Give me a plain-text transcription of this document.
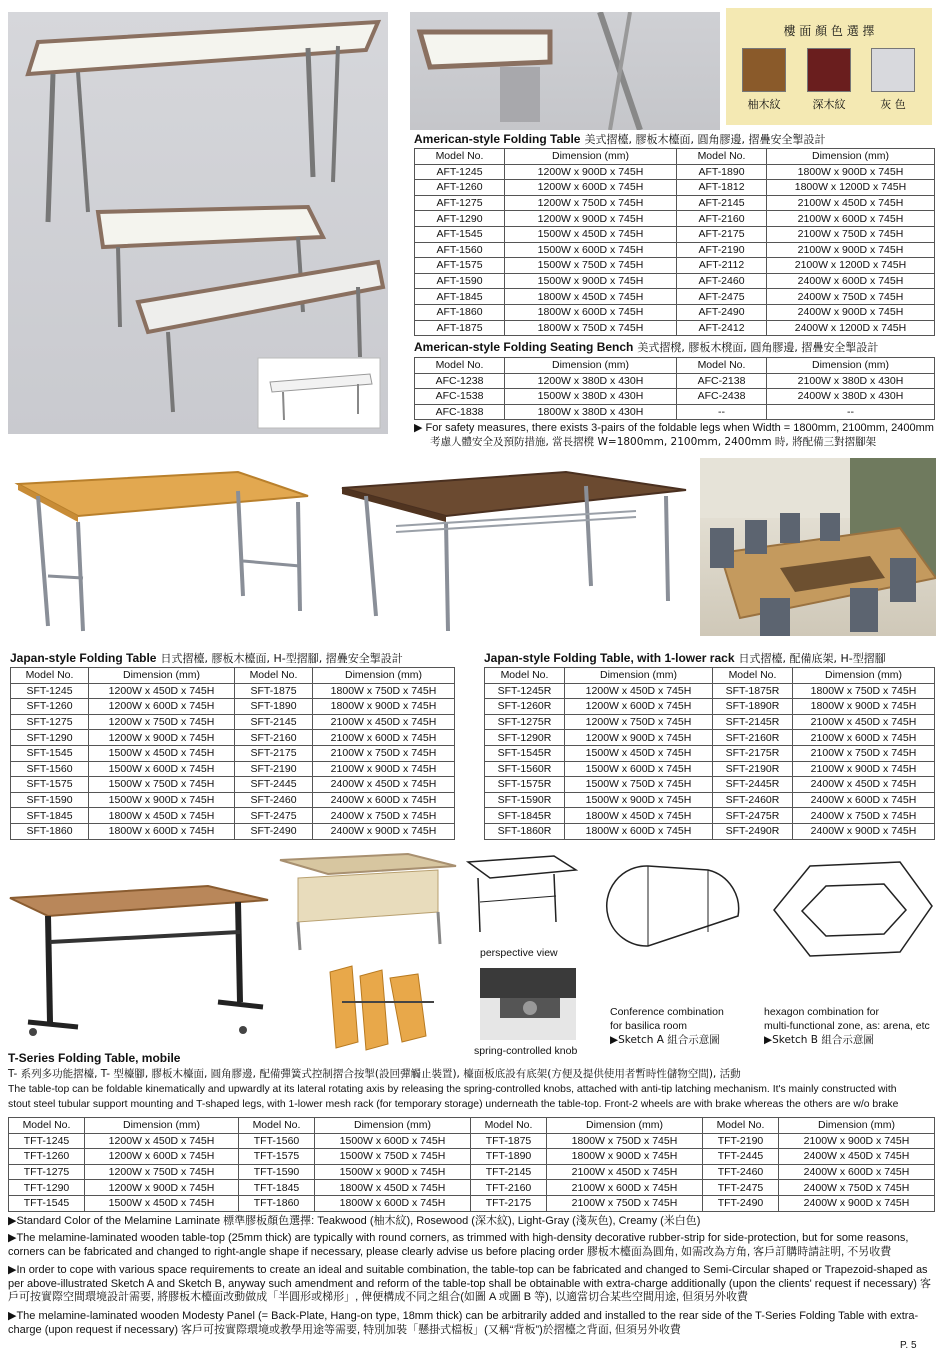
樓 面 顏 色 選 擇
柚木紋	深木紋	灰 色
American-style Folding Table 美式摺檯, 膠板木檯面, 圓角膠邊, 摺疊安全掣設計
Model No.	Dimension (mm)	Model No.	Dimension (mm)
AFT-1245	1200W x 900D x 745H	AFT-1890	1800W x 900D x 745H
AFT-1260	1200W x 600D x 745H	AFT-1812	1800W x 1200D x 745H
AFT-1275	1200W x 750D x 745H	AFT-2145	2100W x 450D x 745H
AFT-1290	1200W x 900D x 745H	AFT-2160	2100W x 600D x 745H
AFT-1545	1500W x 450D x 745H	AFT-2175	2100W x 750D x 745H
AFT-1560	1500W x 600D x 745H	AFT-2190	2100W x 900D x 745H
AFT-1575	1500W x 750D x 745H	AFT-2112	2100W x 1200D x 745H
AFT-1590	1500W x 900D x 745H	AFT-2460	2400W x 600D x 745H
AFT-1845	1800W x 450D x 745H	AFT-2475	2400W x 750D x 745H
AFT-1860	1800W x 600D x 745H	AFT-2490	2400W x 900D x 745H
AFT-1875	1800W x 750D x 745H	AFT-2412	2400W x 1200D x 745H
American-style Folding Seating Bench 美式摺櫈, 膠板木櫈面, 圓角膠邊, 摺疊安全掣設計
Model No.	Dimension (mm)	Model No.	Dimension (mm)
AFC-1238	1200W x 380D x 430H	AFC-2138	2100W x 380D x 430H
AFC-1538	1500W x 380D x 430H	AFC-2438	2400W x 380D x 430H
AFC-1838	1800W x 380D x 430H	--	--
▶ For safety measures, there exists 3-pairs of the foldable legs when Width = 1800mm, 2100mm, 2400mm
考慮人體安全及預防措施, 當長摺櫈 W=1800mm, 2100mm, 2400mm 時, 將配備三對摺腳架
Japan-style Folding Table 日式摺檯, 膠板木檯面, H-型摺腳, 摺疊安全掣設計
Model No.	Dimension (mm)	Model No.	Dimension (mm)
SFT-1245	1200W x 450D x 745H	SFT-1875	1800W x 750D x 745H
SFT-1260	1200W x 600D x 745H	SFT-1890	1800W x 900D x 745H
SFT-1275	1200W x 750D x 745H	SFT-2145	2100W x 450D x 745H
SFT-1290	1200W x 900D x 745H	SFT-2160	2100W x 600D x 745H
SFT-1545	1500W x 450D x 745H	SFT-2175	2100W x 750D x 745H
SFT-1560	1500W x 600D x 745H	SFT-2190	2100W x 900D x 745H
SFT-1575	1500W x 750D x 745H	SFT-2445	2400W x 450D x 745H
SFT-1590	1500W x 900D x 745H	SFT-2460	2400W x 600D x 745H
SFT-1845	1800W x 450D x 745H	SFT-2475	2400W x 750D x 745H
SFT-1860	1800W x 600D x 745H	SFT-2490	2400W x 900D x 745H
Japan-style Folding Table, with 1-lower rack 日式摺檯, 配備底架, H-型摺腳
Model No.	Dimension (mm)	Model No.	Dimension (mm)
SFT-1245R	1200W x 450D x 745H	SFT-1875R	1800W x 750D x 745H
SFT-1260R	1200W x 600D x 745H	SFT-1890R	1800W x 900D x 745H
SFT-1275R	1200W x 750D x 745H	SFT-2145R	2100W x 450D x 745H
SFT-1290R	1200W x 900D x 745H	SFT-2160R	2100W x 600D x 745H
SFT-1545R	1500W x 450D x 745H	SFT-2175R	2100W x 750D x 745H
SFT-1560R	1500W x 600D x 745H	SFT-2190R	2100W x 900D x 745H
SFT-1575R	1500W x 750D x 745H	SFT-2445R	2400W x 450D x 745H
SFT-1590R	1500W x 900D x 745H	SFT-2460R	2400W x 600D x 745H
SFT-1845R	1800W x 450D x 745H	SFT-2475R	2400W x 750D x 745H
SFT-1860R	1800W x 600D x 745H	SFT-2490R	2400W x 900D x 745H
perspective view
spring-controlled knob
Conference combination
for basilica room
▶Sketch A 組合示意圖
hexagon combination for
multi-functional zone, as: arena, etc
▶Sketch B 組合示意圖
T-Series Folding Table, mobile
T- 系列多功能摺檯, T- 型檯腳, 膠板木檯面, 圓角膠邊, 配備彈簧式控制摺合按掣(設回彈觸止裝置), 檯面板底設有底架(方便及提供使用者暫時性儲物空間), 活動
The table-top can be foldable kinematically and upwardly at its lateral rotating axis by releasing the spring-controlled knobs, attached with anti-tip latching mechanism. It's mainly constructed with
stout steel tubular support mounting and T-shaped legs, with 1-lower mesh rack (for temporary storage) underneath the table-top. Front-2 wheels are with brake whereas the others are w/o brake
Model No.	Dimension (mm)	Model No.	Dimension (mm)	Model No.	Dimension (mm)	Model No.	Dimension (mm)
TFT-1245	1200W x 450D x 745H	TFT-1560	1500W x 600D x 745H	TFT-1875	1800W x 750D x 745H	TFT-2190	2100W x 900D x 745H
TFT-1260	1200W x 600D x 745H	TFT-1575	1500W x 750D x 745H	TFT-1890	1800W x 900D x 745H	TFT-2445	2400W x 450D x 745H
TFT-1275	1200W x 750D x 745H	TFT-1590	1500W x 900D x 745H	TFT-2145	2100W x 450D x 745H	TFT-2460	2400W x 600D x 745H
TFT-1290	1200W x 900D x 745H	TFT-1845	1800W x 450D x 745H	TFT-2160	2100W x 600D x 745H	TFT-2475	2400W x 750D x 745H
TFT-1545	1500W x 450D x 745H	TFT-1860	1800W x 600D x 745H	TFT-2175	2100W x 750D x 745H	TFT-2490	2400W x 900D x 745H
▶Standard Color of the Melamine Laminate 標準膠板顏色選擇: Teakwood (柚木紋), Rosewood (深木紋), Light-Gray (淺灰色), Creamy (米白色)
▶The melamine-laminated wooden table-top (25mm thick) are typically with round corners, as trimmed with high-density decorative rubber-strip for side-protection, but for some reasons, corners can be fabricated and changed to right-angle shape if necessary, please clearly advise us before placing order 膠板木檯面為圓角, 如需改為方角, 客戶訂購時請註明, 不另收費
▶In order to cope with various space requirements to create an ideal and suitable combination, the table-top can be fabricated and changed to Semi-Circular shaped or Trapezoid-shaped as per above-illustrated Sketch A and Sketch B, anyway such amendment and reform of the table-top shall be obtainable with extra-charge additionally (upon the clients' request if necessary) 客戶可按實際空間環境設計需要, 將膠板木檯面改動做成「半圓形或梯形」, 俾便構成不同之組合(如圖 A 或圖 B 等), 以適當切合某些空間用途, 但須另外收費
▶The melamine-laminated wooden Modesty Panel (= Back-Plate, Hang-on type, 18mm thick) can be arbitrarily added and installed to the rear side of the T-Series Folding Table with extra-charge (upon request if necessary) 客戶可按實際環境或教學用途等需要, 特別加裝「懸掛式檔板」(又稱“背板”)於摺檯之背面, 但須另外收費
P. 5
